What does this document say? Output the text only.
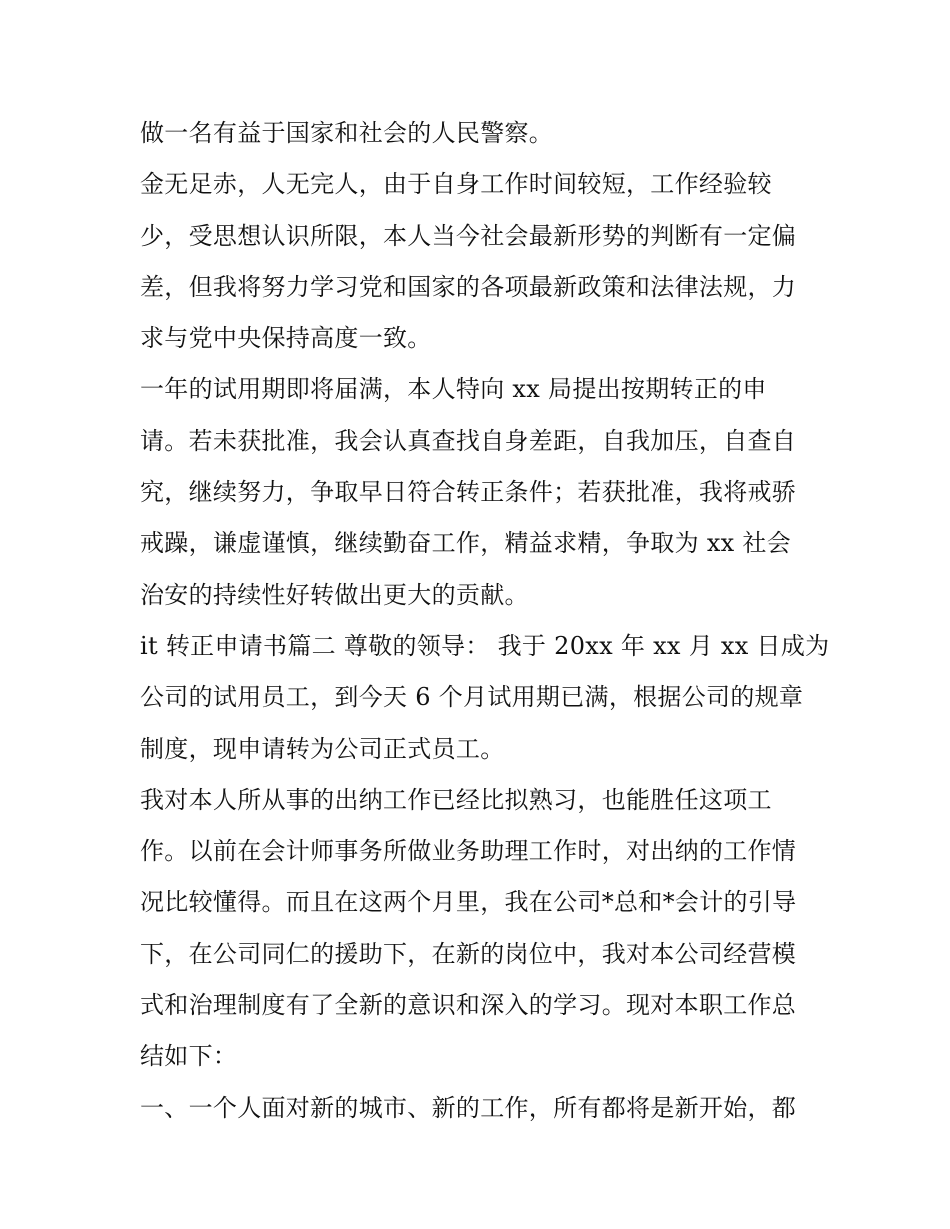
做一名有益于国家和社会的人民警察。
金无足赤，人无完人，由于自身工作时间较短，工作经验较
少，受思想认识所限，本人当今社会最新形势的判断有一定偏
差，但我将努力学习党和国家的各项最新政策和法律法规，力
求与党中央保持高度一致。
一年的试用期即将届满，本人特向 xx 局提出按期转正的申
请。若未获批准，我会认真查找自身差距，自我加压，自查自
究，继续努力，争取早日符合转正条件；若获批准，我将戒骄
戒躁，谦虚谨慎，继续勤奋工作，精益求精，争取为 xx 社会
治安的持续性好转做出更大的贡献。
it 转正申请书篇二 尊敬的领导： 我于 20xx 年 xx 月 xx 日成为
公司的试用员工，到今天 6 个月试用期已满，根据公司的规章
制度，现申请转为公司正式员工。
我对本人所从事的出纳工作已经比拟熟习，也能胜任这项工
作。以前在会计师事务所做业务助理工作时，对出纳的工作情
况比较懂得。而且在这两个月里，我在公司*总和*会计的引导
下，在公司同仁的援助下，在新的岗位中，我对本公司经营模
式和治理制度有了全新的意识和深入的学习。现对本职工作总
结如下：
一、一个人面对新的城市、新的工作，所有都将是新开始，都
